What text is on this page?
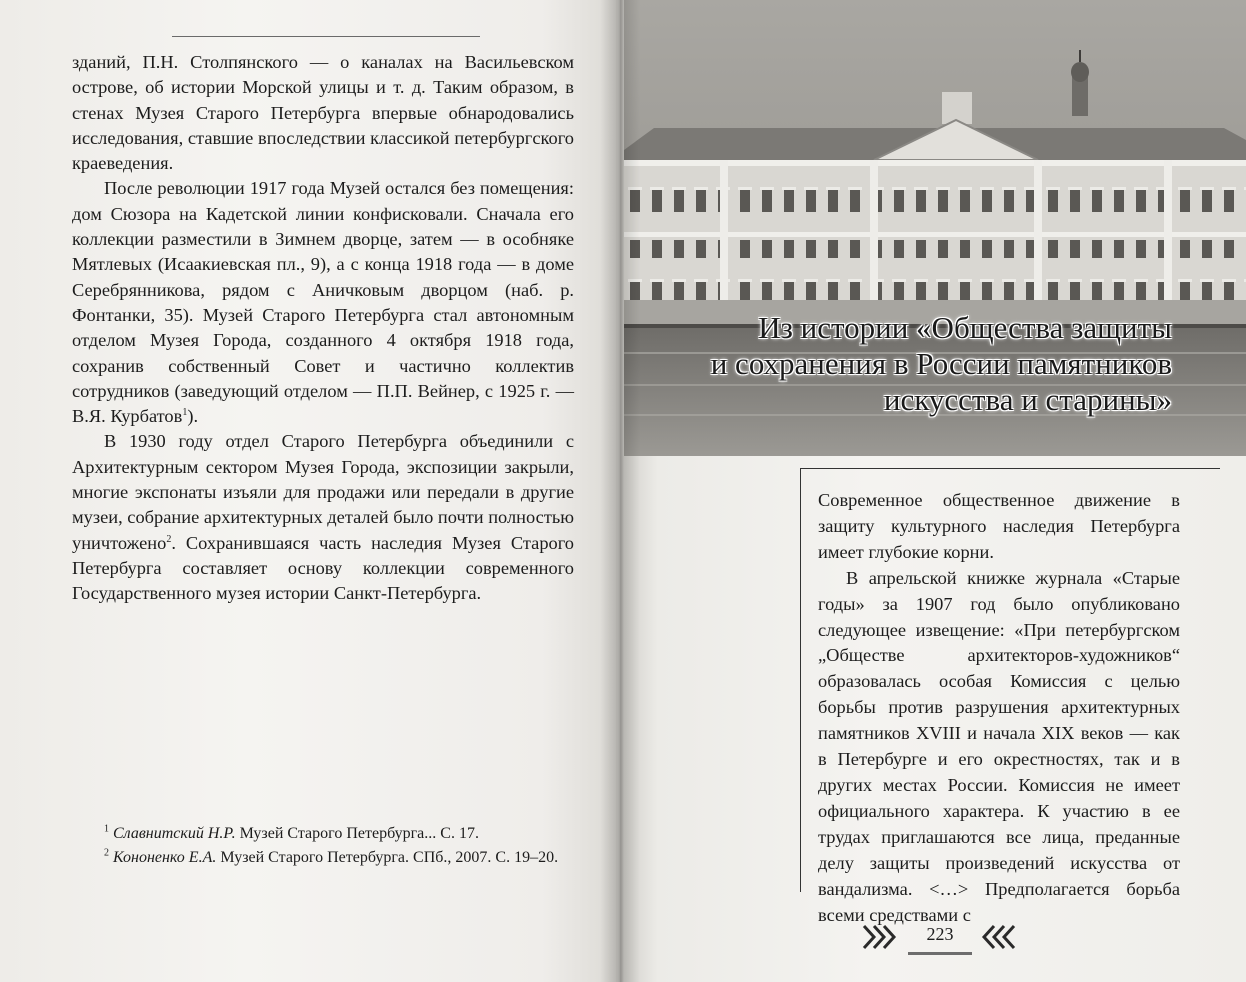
зданий, П.Н. Столпянского — о каналах на Васильевском острове, об истории Морской улицы и т. д. Таким образом, в стенах Музея Старого Петербурга впервые обнародовались исследования, ставшие впоследствии классикой петербургского краеведения.

После революции 1917 года Музей остался без помещения: дом Сюзора на Кадетской линии конфисковали. Сначала его коллекции разместили в Зимнем дворце, затем — в особняке Мятлевых (Исаакиевская пл., 9), а с конца 1918 года — в доме Серебрянникова, рядом с Аничковым дворцом (наб. р. Фонтанки, 35). Музей Старого Петербурга стал автономным отделом Музея Города, созданного 4 октября 1918 года, сохранив собственный Совет и частично коллектив сотрудников (заведующий отделом — П.П. Вейнер, с 1925 г. — В.Я. Курбатов$^1$).

В 1930 году отдел Старого Петербурга объединили с Архитектурным сектором Музея Города, экспозиции закрыли, многие экспонаты изъяли для продажи или передали в другие музеи, собрание архитектурных деталей было почти полностью уничтожено$^2$. Сохранившаяся часть наследия Музея Старого Петербурга составляет основу коллекции современного Государственного музея истории Санкт-Петербурга.

$^1$ Славнитский Н.Р. Музей Старого Петербурга... С. 17.

$^2$ Кононенко Е.А. Музей Старого Петербурга. СПб., 2007. С. 19–20.

Из истории «Общества защиты
и сохранения в России памятников
искусства и старины»

Современное общественное движение в защиту культурного наследия Петербурга имеет глубокие корни.

В апрельской книжке журнала «Старые годы» за 1907 год было опубликовано следующее извещение: «При петербургском „Обществе архитекторов-художников“ образовалась особая Комиссия с целью борьбы против разрушения архитектурных памятников XVIII и начала XIX веков — как в Петербурге и его окрестностях, так и в других местах России. Комиссия не имеет официального характера. К участию в ее трудах приглашаются все лица, преданные делу защиты произведений искусства от вандализма. <…> Предполагается борьба всеми средствами с

223
